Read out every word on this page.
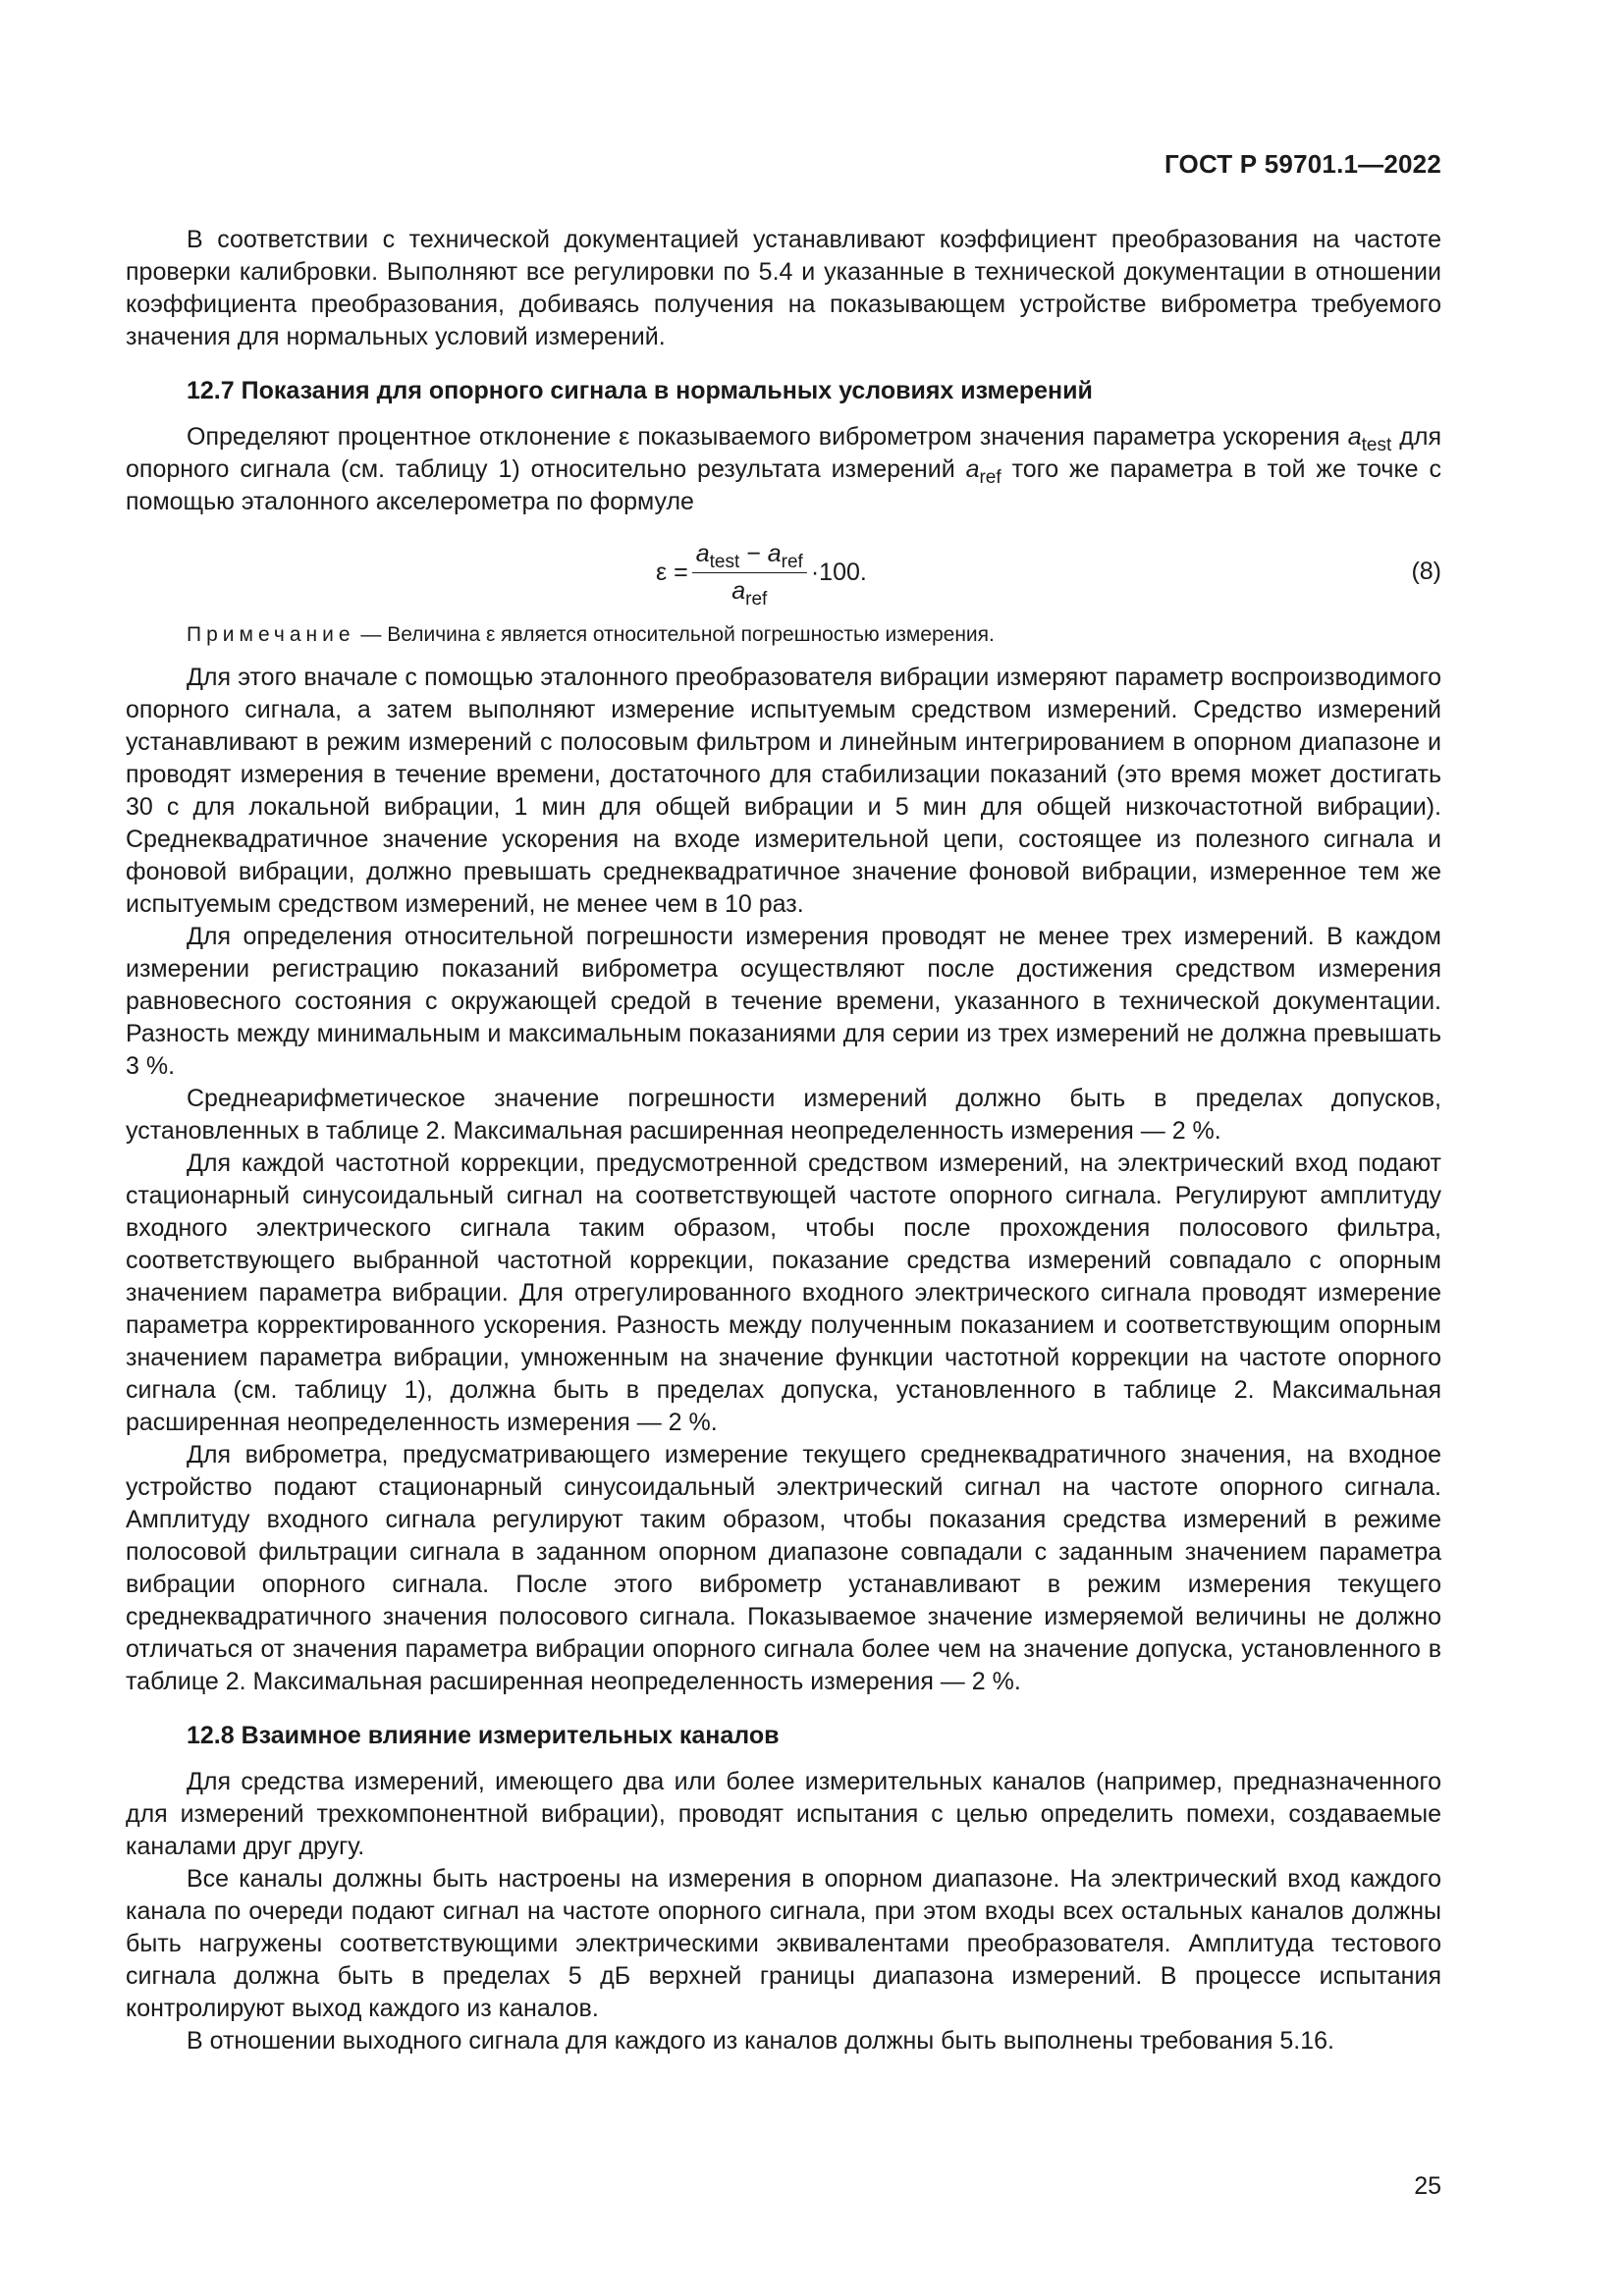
ГОСТ Р 59701.1—2022

В соответствии с технической документацией устанавливают коэффициент преобразования на частоте проверки калибровки. Выполняют все регулировки по 5.4 и указанные в технической документации в отношении коэффициента преобразования, добиваясь получения на показывающем устройстве виброметра требуемого значения для нормальных условий измерений.

12.7 Показания для опорного сигнала в нормальных условиях измерений

Определяют процентное отклонение ε показываемого виброметром значения параметра ускорения $a_{test}$ для опорного сигнала (см. таблицу 1) относительно результата измерений $a_{ref}$ того же параметра в той же точке с помощью эталонного акселерометра по формуле

$\varepsilon = \frac{a_{test} - a_{ref}}{a_{ref}} \cdot 100$.	(8)

Примечание — Величина ε является относительной погрешностью измерения.

Для этого вначале с помощью эталонного преобразователя вибрации измеряют параметр воспроизводимого опорного сигнала, а затем выполняют измерение испытуемым средством измерений. Средство измерений устанавливают в режим измерений с полосовым фильтром и линейным интегрированием в опорном диапазоне и проводят измерения в течение времени, достаточного для стабилизации показаний (это время может достигать 30 с для локальной вибрации, 1 мин для общей вибрации и 5 мин для общей низкочастотной вибрации). Среднеквадратичное значение ускорения на входе измерительной цепи, состоящее из полезного сигнала и фоновой вибрации, должно превышать среднеквадратичное значение фоновой вибрации, измеренное тем же испытуемым средством измерений, не менее чем в 10 раз.

Для определения относительной погрешности измерения проводят не менее трех измерений. В каждом измерении регистрацию показаний виброметра осуществляют после достижения средством измерения равновесного состояния с окружающей средой в течение времени, указанного в технической документации. Разность между минимальным и максимальным показаниями для серии из трех измерений не должна превышать 3 %.

Среднеарифметическое значение погрешности измерений должно быть в пределах допусков, установленных в таблице 2. Максимальная расширенная неопределенность измерения — 2 %.

Для каждой частотной коррекции, предусмотренной средством измерений, на электрический вход подают стационарный синусоидальный сигнал на соответствующей частоте опорного сигнала. Регулируют амплитуду входного электрического сигнала таким образом, чтобы после прохождения полосового фильтра, соответствующего выбранной частотной коррекции, показание средства измерений совпадало с опорным значением параметра вибрации. Для отрегулированного входного электрического сигнала проводят измерение параметра корректированного ускорения. Разность между полученным показанием и соответствующим опорным значением параметра вибрации, умноженным на значение функции частотной коррекции на частоте опорного сигнала (см. таблицу 1), должна быть в пределах допуска, установленного в таблице 2. Максимальная расширенная неопределенность измерения — 2 %.

Для виброметра, предусматривающего измерение текущего среднеквадратичного значения, на входное устройство подают стационарный синусоидальный электрический сигнал на частоте опорного сигнала. Амплитуду входного сигнала регулируют таким образом, чтобы показания средства измерений в режиме полосовой фильтрации сигнала в заданном опорном диапазоне совпадали с заданным значением параметра вибрации опорного сигнала. После этого виброметр устанавливают в режим измерения текущего среднеквадратичного значения полосового сигнала. Показываемое значение измеряемой величины не должно отличаться от значения параметра вибрации опорного сигнала более чем на значение допуска, установленного в таблице 2. Максимальная расширенная неопределенность измерения — 2 %.

12.8 Взаимное влияние измерительных каналов

Для средства измерений, имеющего два или более измерительных каналов (например, предназначенного для измерений трехкомпонентной вибрации), проводят испытания с целью определить помехи, создаваемые каналами друг другу.

Все каналы должны быть настроены на измерения в опорном диапазоне. На электрический вход каждого канала по очереди подают сигнал на частоте опорного сигнала, при этом входы всех остальных каналов должны быть нагружены соответствующими электрическими эквивалентами преобразователя. Амплитуда тестового сигнала должна быть в пределах 5 дБ верхней границы диапазона измерений. В процессе испытания контролируют выход каждого из каналов.

В отношении выходного сигнала для каждого из каналов должны быть выполнены требования 5.16.

25
